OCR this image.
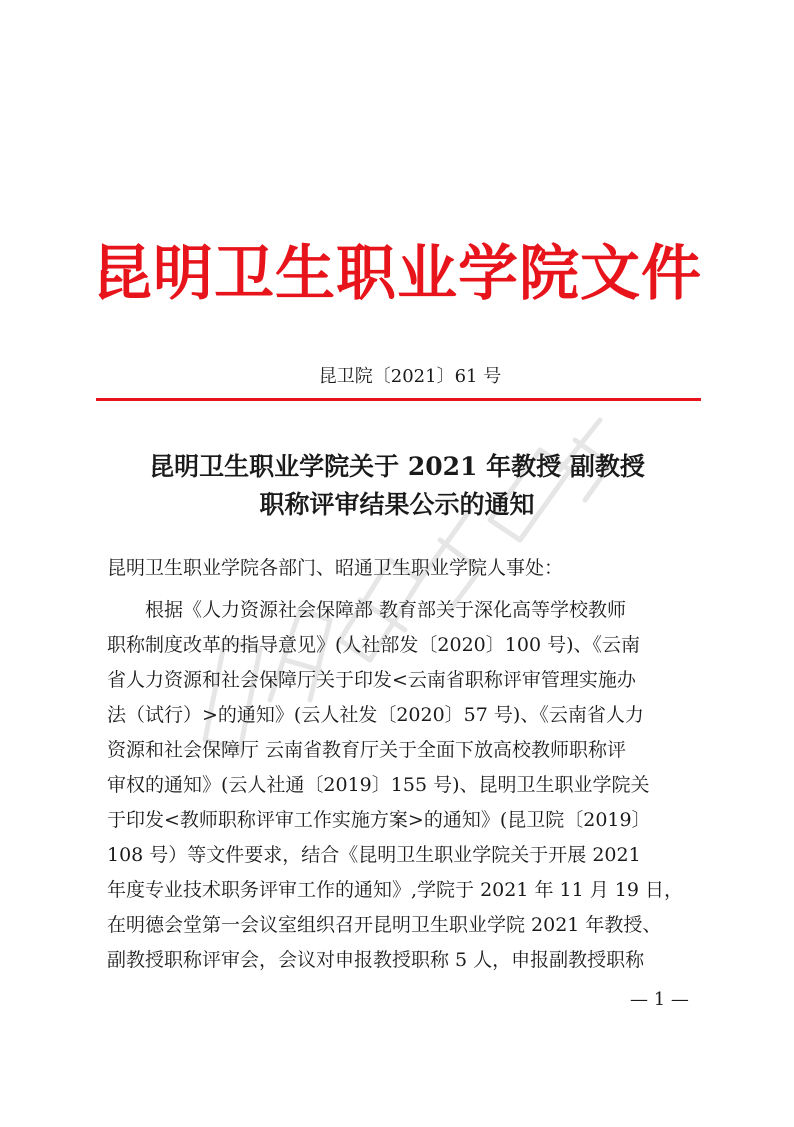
昆明卫生职业学院文件
昆卫院〔2021〕61 号
昆明卫生职业学院关于 2021 年教授 副教授
职称评审结果公示的通知
昆明卫生职业学院各部门、昭通卫生职业学院人事处：
　　根据《人力资源社会保障部 教育部关于深化高等学校教师
职称制度改革的指导意见》(人社部发〔2020〕100 号)、《云南
省人力资源和社会保障厅关于印发<云南省职称评审管理实施办
法（试行）>的通知》(云人社发〔2020〕57 号)、《云南省人力
资源和社会保障厅 云南省教育厅关于全面下放高校教师职称评
审权的通知》(云人社通〔2019〕155 号)、昆明卫生职业学院关
于印发<教师职称评审工作实施方案>的通知》(昆卫院〔2019〕
108 号）等文件要求，结合《昆明卫生职业学院关于开展 2021
年度专业技术职务评审工作的通知》,学院于 2021 年 11 月 19 日，
在明德会堂第一会议室组织召开昆明卫生职业学院 2021 年教授、
副教授职称评审会，会议对申报教授职称 5 人，申报副教授职称
— 1 —
